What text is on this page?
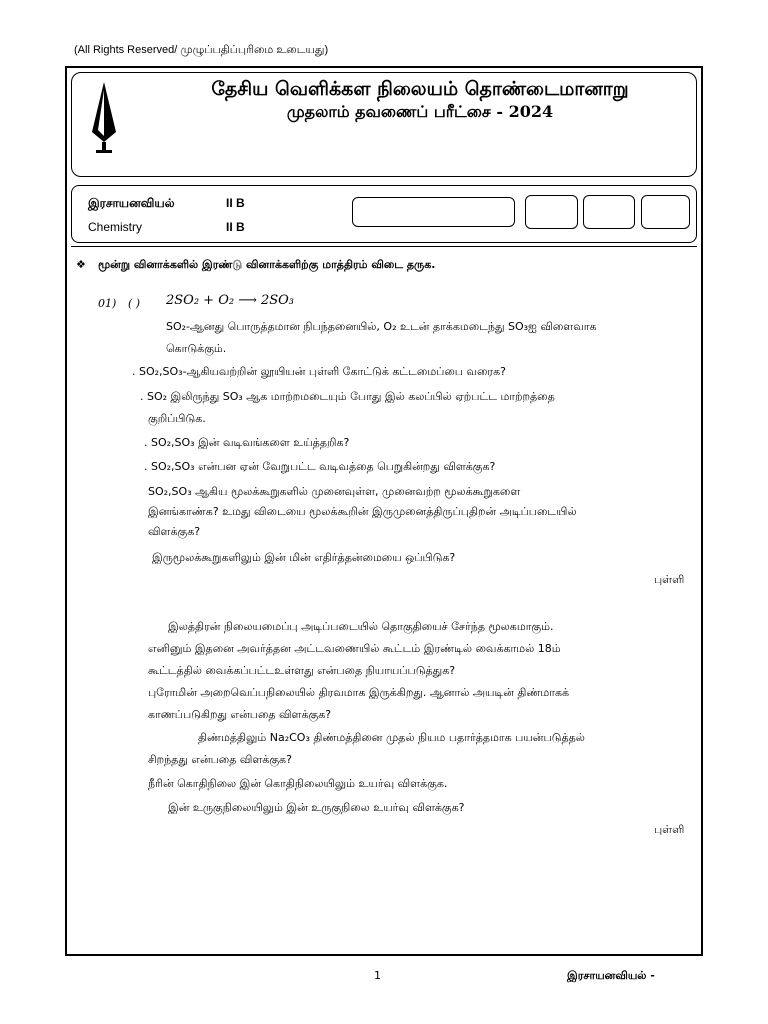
(All Rights Reserved/ முழுப்பதிப்புரிமை உடையது)
தேசிய வெளிக்கள நிலையம் தொண்டைமானாறு
முதலாம் தவணைப் பரீட்சை - 2024
இரசாயனவியல்	II B
Chemistry	II B
❖ மூன்று வினாக்களில் இரண்டு வினாக்களிற்கு மாத்திரம் விடை தருக.
01) ( ) 2SO₂ + O₂ ⟶ 2SO₃
SO₂-ஆனது பொருத்தமான நிபந்தனையில், O₂ உடன் தாக்கமடைந்து SO₃ஐ விளைவாக
கொடுக்கும்.
. SO₂,SO₃-ஆகியவற்றின் லூயியன் புள்ளி கோட்டுக் கட்டமைப்பை வரைக?
. SO₂ இலிருந்து SO₃ ஆக மாற்றமடையும் போது இல் கலப்பில் ஏற்பட்ட மாற்றத்தை
குறிப்பிடுக.
. SO₂,SO₃ இன் வடிவங்களை உய்த்தறிக?
. SO₂,SO₃ என்பன ஏன் வேறுபட்ட வடிவத்தை பெறுகின்றது விளக்குக?
SO₂,SO₃ ஆகிய மூலக்கூறுகளில் முனைவுள்ள, முனைவற்ற மூலக்கூறுகளை
இனங்காண்க? உமது விடையை மூலக்கூறின் இருமுனைத்திருப்புதிறன் அடிப்படையில்
விளக்குக?
இருமூலக்கூறுகளிலும் இன் மின் எதிர்த்தன்மையை ஒப்பிடுக?
புள்ளி
இலத்திரன் நிலையமைப்பு அடிப்படையில் தொகுதியைச் சேர்ந்த மூலகமாகும்.
எனினும் இதனை அவர்த்தன அட்டவணையில் கூட்டம் இரண்டில் வைக்காமல் 18ம்
கூட்டத்தில் வைக்கப்பட்டஉள்ளது என்பதை நியாயப்படுத்துக?
புரோமின் அறைவெப்பநிலையில் திரவமாக இருக்கிறது. ஆனால் அயடின் திண்மாகக்
காணப்படுகிறது என்பதை விளக்குக?
திண்மத்திலும் Na₂CO₃ திண்மத்தினை முதல் நியம பதார்த்தமாக பயன்படுத்தல்
சிறந்தது என்பதை விளக்குக?
நீரின் கொதிநிலை இன் கொதிநிலையிலும் உயர்வு விளக்குக.
இன் உருகுநிலையிலும் இன் உருகுநிலை உயர்வு விளக்குக?
புள்ளி
1	இரசாயனவியல் -
